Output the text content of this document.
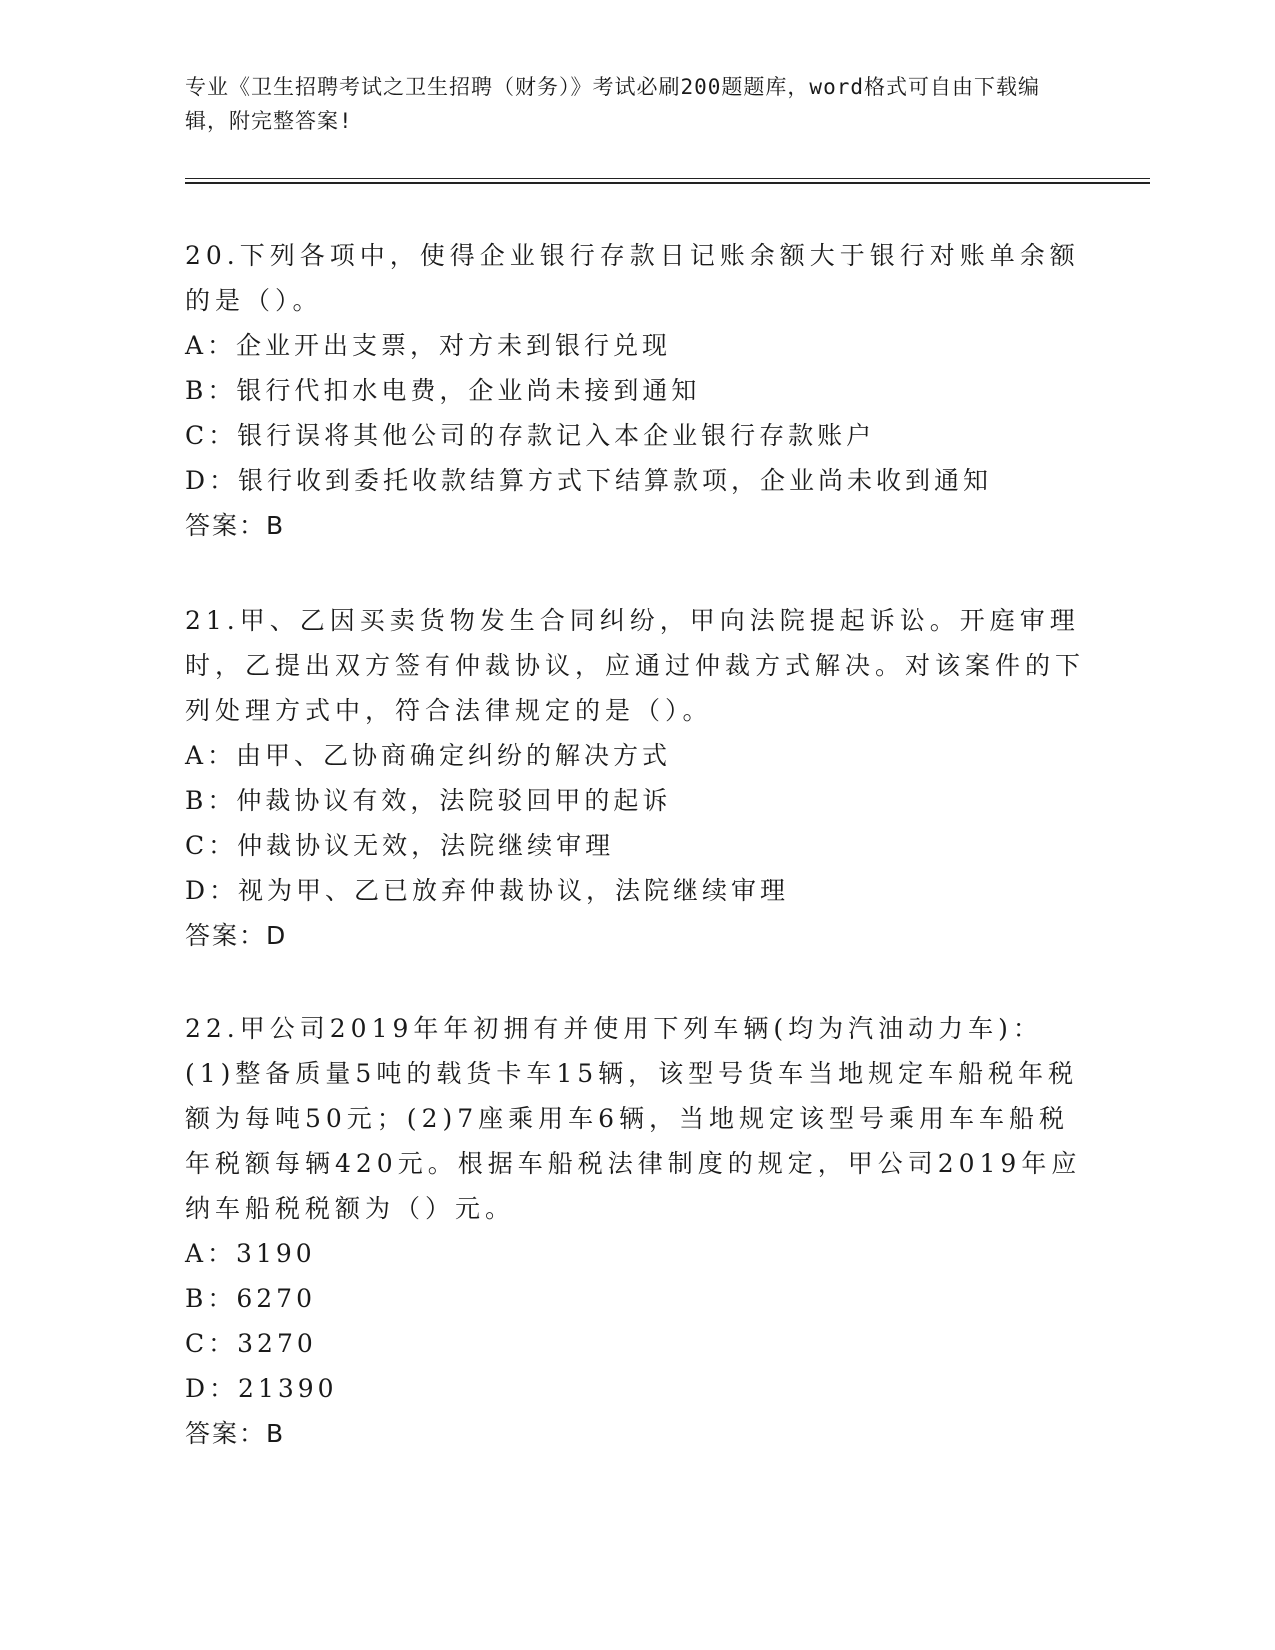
专业《卫生招聘考试之卫生招聘（财务）》考试必刷200题题库，word格式可自由下载编辑，附完整答案!

20.下列各项中，使得企业银行存款日记账余额大于银行对账单余额的是（）。

A：企业开出支票，对方未到银行兑现

B：银行代扣水电费，企业尚未接到通知

C：银行误将其他公司的存款记入本企业银行存款账户

D：银行收到委托收款结算方式下结算款项，企业尚未收到通知

答案：B

21.甲、乙因买卖货物发生合同纠纷，甲向法院提起诉讼。开庭审理时，乙提出双方签有仲裁协议，应通过仲裁方式解决。对该案件的下列处理方式中，符合法律规定的是（）。

A：由甲、乙协商确定纠纷的解决方式

B：仲裁协议有效，法院驳回甲的起诉

C：仲裁协议无效，法院继续审理

D：视为甲、乙已放弃仲裁协议，法院继续审理

答案：D

22.甲公司2019年年初拥有并使用下列车辆(均为汽油动力车)：(1)整备质量5吨的载货卡车15辆，该型号货车当地规定车船税年税额为每吨50元；(2)7座乘用车6辆，当地规定该型号乘用车车船税年税额每辆420元。根据车船税法律制度的规定，甲公司2019年应纳车船税税额为（）元。

A：3190

B：6270

C：3270

D：21390

答案：B
